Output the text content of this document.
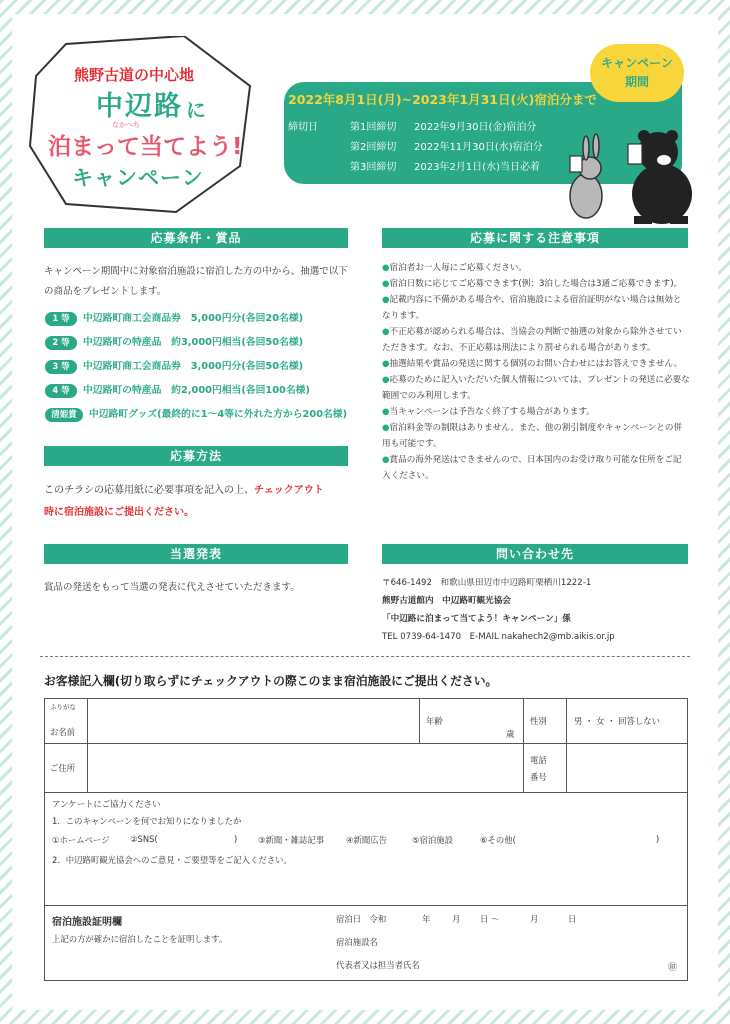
熊野古道の中心地
中辺路
なかへち
に
泊まって当てよう!
キャンペーン
キャンペーン
期間
2022年8月1日(月)~2023年1月31日(火)宿泊分まで
締切日	第1回締切 2022年9月30日(金)宿泊分
第2回締切 2022年11月30日(水)宿泊分
第3回締切 2023年2月1日(水)当日必着
応募条件・賞品
キャンペーン期間中に対象宿泊施設に宿泊した方の中から、抽選で以下の商品をプレゼントします。
1 等 中辺路町商工会商品券　5,000円分(各回20名様)
2 等 中辺路町の特産品　約3,000円相当(各回50名様)
3 等 中辺路町商工会商品券　3,000円分(各回50名様)
4 等 中辺路町の特産品　約2,000円相当(各回100名様)
清姫賞 中辺路町グッズ(最終的に1～4等に外れた方から200名様)
応募方法
このチラシの応募用紙に必要事項を記入の上、チェックアウト
時に宿泊施設にご提出ください。
当選発表
賞品の発送をもって当選の発表に代えさせていただきます。
応募に関する注意事項
●宿泊者お一人毎にご応募ください。
●宿泊日数に応じてご応募できます(例：3泊した場合は3通ご応募できます)。
●記載内容に不備がある場合や、宿泊施設による宿泊証明がない場合は無効となります。
●不正応募が認められる場合は、当協会の判断で抽選の対象から除外させていただきます。なお、不正応募は刑法により罰せられる場合があります。
●抽選結果や賞品の発送に関する個別のお問い合わせにはお答えできません。
●応募のために記入いただいた個人情報については、プレゼントの発送に必要な範囲でのみ利用します。
●当キャンペーンは予告なく終了する場合があります。
●宿泊料金等の制限はありません。また、他の割引制度やキャンペーンとの併用も可能です。
●賞品の海外発送はできませんので、日本国内のお受け取り可能な住所をご記入ください。
問い合わせ先
〒646-1492　和歌山県田辺市中辺路町栗栖川1222-1
熊野古道館内　中辺路町観光協会
「中辺路に泊まって当てよう！キャンペーン」係
TEL 0739-64-1470　E-MAIL nakahech2@mb.aikis.or.jp
お客様記入欄(切り取らずにチェックアウトの際このまま宿泊施設にご提出ください。
ふりがな
お名前
年齢
歳
性別	男 ・ 女 ・ 回答しない
ご住所
電話
番号
アンケートにご協力ください
1．このキャンペーンを何でお知りになりましたか
①ホームページ ②SNS(	) ③新聞・雑誌記事	④新聞広告	⑤宿泊施設	⑥その他(	)
2．中辺路町観光協会へのご意見・ご要望等をご記入ください。
宿泊施設証明欄
上記の方が確かに宿泊したことを証明します。
宿泊日　令和	年	月 日 ～	月	日
宿泊施設名
代表者又は担当者氏名	㊞
